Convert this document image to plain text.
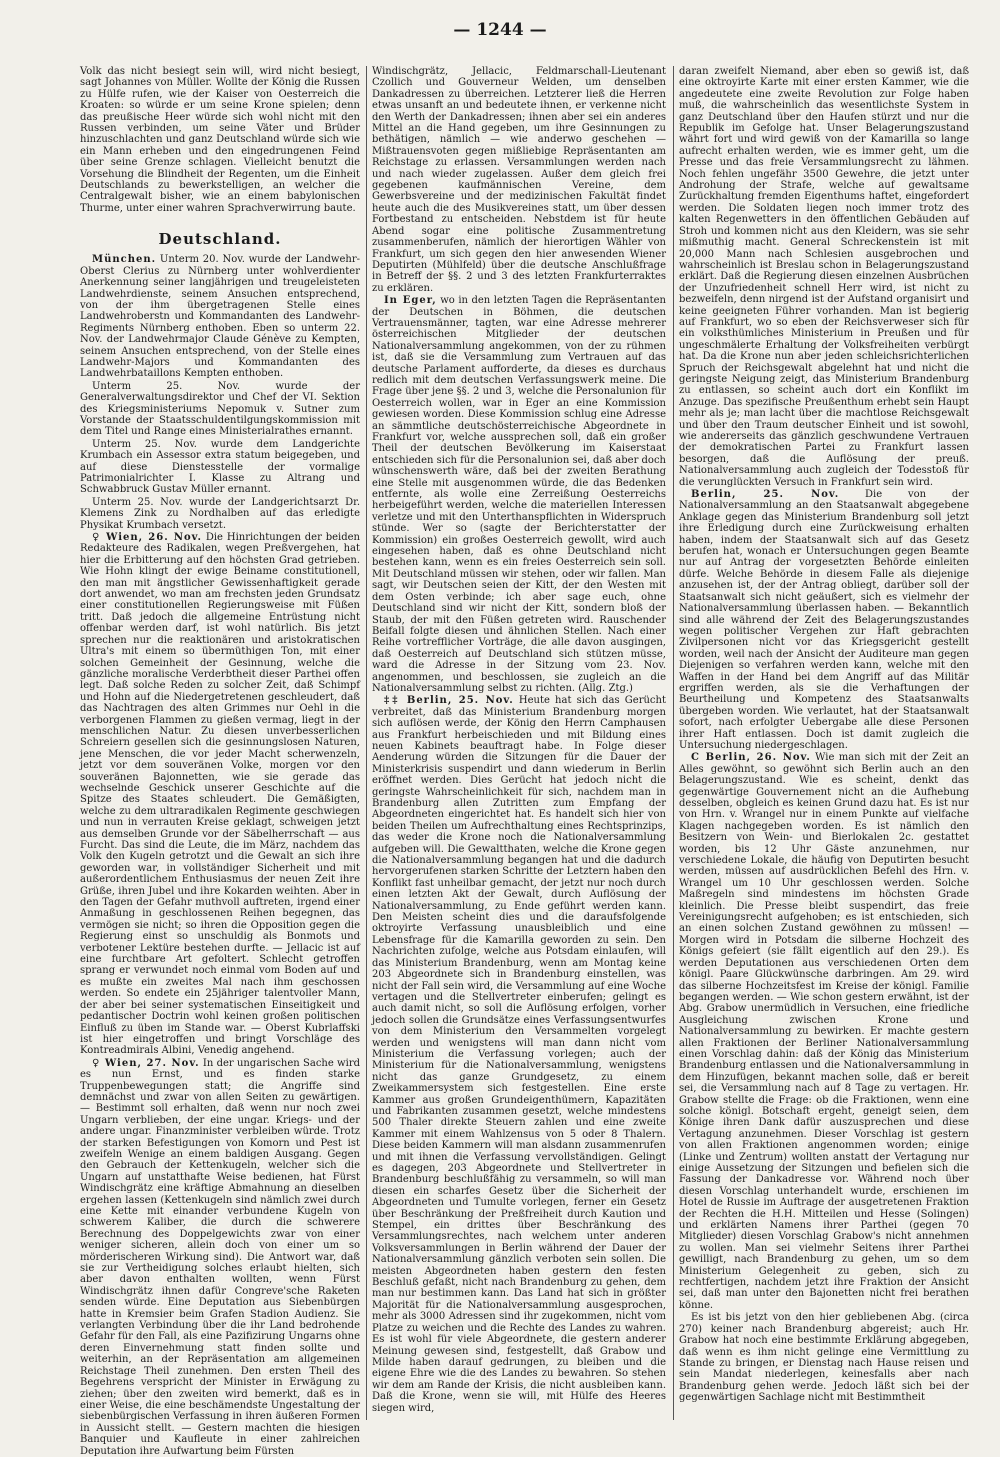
— 1244 —

Volk das nicht besiegt sein will, wird nicht besiegt, sagt Johannes von Müller. Wollte der König die Russen zu Hülfe rufen, wie der Kaiser von Oesterreich die Kroaten: so würde er um seine Krone spielen; denn das preußische Heer würde sich wohl nicht mit den Russen verbinden, um seine Väter und Brüder hinzuschlachten und ganz Deutschland würde sich wie ein Mann erheben und den eingedrungenen Feind über seine Grenze schlagen. Vielleicht benutzt die Vorsehung die Blindheit der Regenten, um die Einheit Deutschlands zu bewerkstelligen, an welcher die Centralgewalt bisher, wie an einem babylonischen Thurme, unter einer wahren Sprachverwirrung baute.

Deutschland.

München. Unterm 20. Nov. wurde der Landwehr-Oberst Clerius zu Nürnberg unter wohlverdienter Anerkennung seiner langjährigen und treugeleisteten Landwehrdienste, seinem Ansuchen entsprechend, von der ihm übergetragenen Stelle eines Landwehroberstn und Kommandanten des Landwehr-Regiments Nürnberg enthoben. Eben so unterm 22. Nov. der Landwehrmajor Claude Génève zu Kempten, seinem Ansuchen entsprechend, von der Stelle eines Landwehr-Majors und Kommandanten des Landwehrbataillons Kempten enthoben.

Unterm 25. Nov. wurde der Generalverwaltungsdirektor und Chef der VI. Sektion des Kriegsministeriums Nepomuk v. Sutner zum Vorstande der Staatsschuldentilgungskommission mit dem Titel und Range eines Ministerialrathes ernannt.

Unterm 25. Nov. wurde dem Landgerichte Krumbach ein Assessor extra statum beigegeben, und auf diese Dienstesstelle der vormalige Patrimonialrichter I. Klasse zu Altrang und Schwabbruck Gustav Müller ernannt.

Unterm 25. Nov. wurde der Landgerichtsarzt Dr. Klemens Zink zu Nordhalben auf das erledigte Physikat Krumbach versetzt.

♀ Wien, 26. Nov. Die Hinrichtungen der beiden Redakteure des Radikalen, wegen Preßvergehen, hat hier die Erbitterung auf den höchsten Grad getrieben. Wie Hohn klingt der ewige Beiname constitutionell, den man mit ängstlicher Gewissenhaftigkeit gerade dort anwendet, wo man am frechsten jeden Grundsatz einer constitutionellen Regierungsweise mit Füßen tritt. Daß jedoch die allgemeine Entrüstung nicht offenbar werden darf, ist wohl natürlich. Bis jetzt sprechen nur die reaktionären und aristokratischen Ultra's mit einem so übermüthigen Ton, mit einer solchen Gemeinheit der Gesinnung, welche die gänzliche moralische Verderbtheit dieser Parthei offen legt. Daß solche Reden zu solcher Zeit, daß Schimpf und Hohn auf die Niedergetretenen geschleudert, daß das Nachtragen des alten Grimmes nur Oehl in die verborgenen Flammen zu gießen vermag, liegt in der menschlichen Natur. Zu diesen unverbesserlichen Schreiern gesellen sich die gesinnungslosen Naturen, jene Menschen, die vor jeder Macht scherwenzeln, jetzt vor dem souveränen Volke, morgen vor den souveränen Bajonnetten, wie sie gerade das wechselnde Geschick unserer Geschichte auf die Spitze des Staates schleudert. Die Gemäßigten, welche zu dem ultraradikalen Regimente geschwiegen und nun in verrauten Kreise geklagt, schweigen jetzt aus demselben Grunde vor der Säbelherrschaft — aus Furcht. Das sind die Leute, die im März, nachdem das Volk den Kugeln getrotzt und die Gewalt an sich ihre geworden war, in vollständiger Sicherheit und mit außerordentlichem Enthusiasmus der neuen Zeit ihre Grüße, ihren Jubel und ihre Kokarden weihten. Aber in den Tagen der Gefahr muthvoll auftreten, irgend einer Anmaßung in geschlossenen Reihen begegnen, das vermögen sie nicht; so ihren die Opposition gegen die Regierung einst so unschuldig als Bonmots und verbotener Lektüre bestehen durfte. — Jellacic ist auf eine furchtbare Art gefoltert. Schlecht getroffen sprang er verwundet noch einmal vom Boden auf und es mußte ein zweites Mal nach ihm geschossen werden. So endete ein 25jähriger talentvoller Mann, der aber bei seiner systematischen Einseitigkeit und pedantischer Doctrin wohl keinen großen politischen Einfluß zu üben im Stande war. — Oberst Kubrlaffski ist hier eingetroffen und bringt Vorschläge des Kontreadmirals Albini, Venedig angehend.

♀ Wien, 27. Nov. In der ungarischen Sache wird es nun Ernst, und es finden starke Truppenbewegungen statt; die Angriffe sind demnächst und zwar von allen Seiten zu gewärtigen. — Bestimmt soll erhalten, daß wenn nur noch zwei Ungarn verblieben, der eine ungar. Kriegs- und der andere ungar. Finanzminister verbleiben würde. Trotz der starken Befestigungen von Komorn und Pest ist zweifeln Wenige an einem baldigen Ausgang. Gegen den Gebrauch der Kettenkugeln, welcher sich die Ungarn auf unstatthafte Weise bedienen, hat Fürst Windischgrätz eine kräftige Abmahnung an dieselben ergehen lassen (Kettenkugeln sind nämlich zwei durch eine Kette mit einander verbundene Kugeln von schwerem Kaliber, die durch die schwerere Berechnung des Doppelgewichts zwar von einer weniger sicheren, allein doch von einer um so mörderischeren Wirkung sind). Die Antwort war, daß sie zur Vertheidigung solches erlaubt hielten, sich aber davon enthalten wollten, wenn Fürst Windischgrätz ihnen dafür Congreve'sche Raketen senden würde. Eine Deputation aus Siebenbürgen hatte in Kremsier beim Grafen Stadion Audienz. Sie verlangten Verbindung über die ihr Land bedrohende Gefahr für den Fall, als eine Pazifizirung Ungarns ohne deren Einvernehmung statt finden sollte und weiterhin, an der Repräsentation am allgemeinen Reichstage Theil zunehmen. Den ersten Theil des Begehrens verspricht der Minister in Erwägung zu ziehen; über den zweiten wird bemerkt, daß es in einer Weise, die eine beschämendste Ungestaltung der siebenbürgischen Verfassung in ihren äußeren Formen in Aussicht stellt. — Gestern machten die hiesigen Banquier und Kaufleute in einer zahlreichen Deputation ihre Aufwartung beim Fürsten

Windischgrätz, Jellacic, Feldmarschall-Lieutenant Czollich und Gouverneur Welden, um denselben Dankadressen zu überreichen. Letzterer ließ die Herren etwas unsanft an und bedeutete ihnen, er verkenne nicht den Werth der Dankadressen; ihnen aber sei ein anderes Mittel an die Hand gegeben, um ihre Gesinnungen zu bethätigen, nämlich — wie anderwo geschehen — Mißtrauensvoten gegen mißliebige Repräsentanten am Reichstage zu erlassen. Versammlungen werden nach und nach wieder zugelassen. Außer dem gleich frei gegebenen kaufmännischen Vereine, dem Gewerbsvereine und der medizinischen Fakultät findet heute auch die des Musikvereines statt, um über dessen Fortbestand zu entscheiden. Nebstdem ist für heute Abend sogar eine politische Zusammentretung zusammenberufen, nämlich der hierortigen Wähler von Frankfurt, um sich gegen den hier anwesenden Wiener Deputirten (Mühlfeld) über die deutsche Anschlußfrage in Betreff der §§. 2 und 3 des letzten Frankfurterraktes zu erklären.

In Eger, wo in den letzten Tagen die Repräsentanten der Deutschen in Böhmen, die deutschen Vertrauensmänner, tagten, war eine Adresse mehrerer österreichischen Mitglieder der deutschen Nationalversammlung angekommen, von der zu rühmen ist, daß sie die Versammlung zum Vertrauen auf das deutsche Parlament aufforderte, da dieses es durchaus redlich mit dem deutschen Verfassungswerk meine. Die Frage über jene §§. 2 und 3, welche die Personalunion für Oesterreich wollen, war in Eger an eine Kommission gewiesen worden. Diese Kommission schlug eine Adresse an sämmtliche deutschösterreichische Abgeordnete in Frankfurt vor, welche aussprechen soll, daß ein großer Theil der deutschen Bevölkerung im Kaiserstaat entschieden sich für die Personalunion sei, daß aber doch wünschenswerth wäre, daß bei der zweiten Berathung eine Stelle mit ausgenommen würde, die das Bedenken entfernte, als wolle eine Zerreißung Oesterreichs herbeigeführt werden, welche die materiellen Interessen verletze und mit den Unterthanspflichten in Widerspruch stünde. Wer so (sagte der Berichterstatter der Kommission) ein großes Oesterreich gewollt, wird auch eingesehen haben, daß es ohne Deutschland nicht bestehen kann, wenn es ein freies Oesterreich sein soll. Mit Deutschland müssen wir stehen, oder wir fallen. Man sagt, wir Deutschen seien der Kitt, der den Westen mit dem Osten verbinde; ich aber sage euch, ohne Deutschland sind wir nicht der Kitt, sondern bloß der Staub, der mit den Füßen getreten wird. Rauschender Beifall folgte diesen und ähnlichen Stellen. Nach einer Reihe vortrefflicher Vorträge, die alle davon ausgingen, daß Oesterreich auf Deutschland sich stützen müsse, ward die Adresse in der Sitzung vom 23. Nov. angenommen, und beschlossen, sie zugleich an die Nationalversammlung selbst zu richten. (Allg. Ztg.)

‡‡ Berlin, 25. Nov. Heute hat sich das Gerücht verbreitet, daß das Ministerium Brandenburg morgen sich auflösen werde, der König den Herrn Camphausen aus Frankfurt herbeischieden und mit Bildung eines neuen Kabinets beauftragt habe. In Folge dieser Aenderung würden die Sitzungen für die Dauer der Ministerkrisis suspendirt und dann wiederum in Berlin eröffnet werden. Dies Gerücht hat jedoch nicht die geringste Wahrscheinlichkeit für sich, nachdem man in Brandenburg allen Zutritten zum Empfang der Abgeordneten eingerichtet hat. Es handelt sich hier von beiden Theilen um Aufrechthaltung eines Rechtsprinzips, das weder die Krone noch die Nationalversammlung aufgeben will. Die Gewaltthaten, welche die Krone gegen die Nationalversammlung begangen hat und die dadurch hervorgerufenen starken Schritte der Letztern haben den Konflikt fast unheilbar gemacht, der jetzt nur noch durch einen letzten Akt der Gewalt, durch Auflösung der Nationalversammlung, zu Ende geführt werden kann. Den Meisten scheint dies und die daraufsfolgende oktroyirte Verfassung unausbleiblich und eine Lebensfrage für die Kamarilla geworden zu sein. Den Nachrichten zufolge, welche aus Potsdam einlaufen, will das Ministerium Brandenburg, wenn am Montag keine 203 Abgeordnete sich in Brandenburg einstellen, was nicht der Fall sein wird, die Versammlung auf eine Woche vertagen und die Stellvertreter einberufen; gelingt es auch damit nicht, so soll die Auflösung erfolgen, vorher jedoch sollen die Grundsätze eines Verfassungsentwurfes von dem Ministerium den Versammelten vorgelegt werden und wenigstens will man dann nicht vom Ministerium die Verfassung vorlegen; auch der Ministerium für die Nationalversammlung, wenigstens nicht das ganze Grundgesetz, zu einem Zweikammersystem sich festgestellen. Eine erste Kammer aus großen Grundeigenthümern, Kapazitäten und Fabrikanten zusammen gesetzt, welche mindestens 500 Thaler direkte Steuern zahlen und eine zweite Kammer mit einem Wahlzensus von 5 oder 8 Thalern. Diese beiden Kammern will man alsdann zusammenrufen und mit ihnen die Verfassung vervollständigen. Gelingt es dagegen, 203 Abgeordnete und Stellvertreter in Brandenburg beschlußfähig zu versammeln, so will man diesen ein scharfes Gesetz über die Sicherheit der Abgeordneten und Tumulte vorlegen, ferner ein Gesetz über Beschränkung der Preßfreiheit durch Kaution und Stempel, ein drittes über Beschränkung des Versammlungsrechtes, nach welchem unter anderen Volksversammlungen in Berlin während der Dauer der Nationalversammlung gänzlich verboten sein sollen. Die meisten Abgeordneten haben gestern den festen Beschluß gefaßt, nicht nach Brandenburg zu gehen, dem man nur bestimmen kann. Das Land hat sich in größter Majorität für die Nationalversammlung ausgesprochen, mehr als 3000 Adressen sind ihr zugekommen, nicht vom Platze zu weichen und die Rechte des Landes zu wahren. Es ist wohl für viele Abgeordnete, die gestern anderer Meinung gewesen sind, festgestellt, daß Grabow und Milde haben darauf gedrungen, zu bleiben und die eigene Ehre wie die des Landes zu bewahren. So stehen wir dem am Rande der Krisis, die nicht ausbleiben kann. Daß die Krone, wenn sie will, mit Hülfe des Heeres siegen wird,

daran zweifelt Niemand, aber eben so gewiß ist, daß eine oktroyirte Karte mit einer ersten Kammer, wie die angedeutete eine zweite Revolution zur Folge haben muß, die wahrscheinlich das wesentlichste System in ganz Deutschland über den Haufen stürzt und nur die Republik im Gefolge hat. Unser Belagerungszustand währt fort und wird gewiß von der Kamarilla so lange aufrecht erhalten werden, wie es immer geht, um die Presse und das freie Versammlungsrecht zu lähmen. Noch fehlen ungefähr 3500 Gewehre, die jetzt unter Androhung der Strafe, welche auf gewaltsame Zurückhaltung fremden Eigenthums haftet, eingefordert werden. Die Soldaten liegen noch immer trotz des kalten Regenwetters in den öffentlichen Gebäuden auf Stroh und kommen nicht aus den Kleidern, was sie sehr mißmuthig macht. General Schreckenstein ist mit 20,000 Mann nach Schlesien ausgebrochen und wahrscheinlich ist Breslau schon in Belagerungszustand erklärt. Daß die Regierung diesen einzelnen Ausbrüchen der Unzufriedenheit schnell Herr wird, ist nicht zu bezweifeln, denn nirgend ist der Aufstand organisirt und keine geeigneten Führer vorhanden. Man ist begierig auf Frankfurt, wo so eben der Reichsverweser sich für ein volksthümliches Ministerium in Preußen und für ungeschmälerte Erhaltung der Volksfreiheiten verbürgt hat. Da die Krone nun aber jeden schleichsrichterlichen Spruch der Reichsgewalt abgelehnt hat und nicht die geringste Neigung zeigt, das Ministerium Brandenburg zu entlassen, so scheint auch dort ein Konflikt im Anzuge. Das spezifische Preußenthum erhebt sein Haupt mehr als je; man lacht über die machtlose Reichsgewalt und über den Traum deutscher Einheit und ist sowohl, wie andererseits das gänzlich geschwundene Vertrauen der demokratischen Partei zu Frankfurt lassen besorgen, daß die Auflösung der preuß. Nationalversammlung auch zugleich der Todesstoß für die verunglückten Versuch in Frankfurt sein wird.

Berlin, 25. Nov.	Die von der Nationalversammlung an den Staatsanwalt abgegebene Anklage gegen das Ministerium Brandenburg soll jetzt ihre Erledigung durch eine Zurückweisung erhalten haben, indem der Staatsanwalt sich auf das Gesetz berufen hat, wonach er Untersuchungen gegen Beamte nur auf Antrag der vorgesetzten Behörde einleiten dürfe. Welche Behörde in diesem Falle als diejenige anzusehen ist, der der Antrag obliegt, darüber soll der Staatsanwalt sich nicht geäußert, sich es vielmehr der Nationalversammlung überlassen haben. — Bekanntlich sind alle während der Zeit des Belagerungszustandes wegen politischer Vergehen zur Haft gebrachten Zivilpersonen nicht vor das Kriegsgericht gestellt worden, weil nach der Ansicht der Auditeure man gegen Diejenigen so verfahren werden kann, welche mit den Waffen in der Hand bei dem Angriff auf das Militär ergriffen werden, als sie die Verhaftungen der Beurtheilung und Kompetenz des Staatsanwalts übergeben worden. Wie verlautet, hat der Staatsanwalt sofort, nach erfolgter Uebergabe alle diese Personen ihrer Haft entlassen. Doch ist damit zugleich die Untersuchung niedergeschlagen.

C Berlin, 26. Nov. Wie man sich mit der Zeit an Alles gewöhnt, so gewöhnt sich Berlin auch an den Belagerungszustand. Wie es scheint, denkt das gegenwärtige Gouvernement nicht an die Aufhebung desselben, obgleich es keinen Grund dazu hat. Es ist nur von Hrn. v. Wrangel nur in einem Punkte auf vielfache Klagen nachgegeben worden. Es ist nämlich den Besitzern von Wein- und Bierlokalen 2c. gestattet worden, bis 12 Uhr Gäste anzunehmen, nur verschiedene Lokale, die häufig von Deputirten besucht werden, müssen auf ausdrücklichen Befehl des Hrn. v. Wrangel um 10 Uhr geschlossen werden. Solche Maßregeln sind mindestens im höchsten Grade kleinlich. Die Presse bleibt suspendirt, das freie Vereinigungsrecht aufgehoben; es ist entschieden, sich an einen solchen Zustand gewöhnen zu müssen! — Morgen wird in Potsdam die silberne Hochzeit des Königs gefeiert (sie fällt eigentlich auf den 29.). Es werden Deputationen aus verschiedenen Orten dem königl. Paare Glückwünsche darbringen. Am 29. wird das silberne Hochzeitsfest im Kreise der königl. Familie begangen werden. — Wie schon gestern erwähnt, ist der Abg. Grabow unermüdlich in Versuchen, eine friedliche Ausgleichung zwischen Krone und Nationalversammlung zu bewirken. Er machte gestern allen Fraktionen der Berliner Nationalversammlung einen Vorschlag dahin: daß der König das Ministerium Brandenburg entlassen und die Nationalversammlung in dem Hinzufügen, bekannt machen solle, daß er bereit sei, die Versammlung nach auf 8 Tage zu vertagen. Hr. Grabow stellte die Frage: ob die Fraktionen, wenn eine solche königl. Botschaft ergeht, geneigt seien, dem Könige ihren Dank dafür auszusprechen und diese Vertagung anzunehmen. Dieser Vorschlag ist gestern von allen Fraktionen angenommen worden; einige (Linke und Zentrum) wollten anstatt der Vertagung nur einige Aussetzung der Sitzungen und befielen sich die Fassung der Dankadresse vor. Während noch über diesen Vorschlag unterhandelt wurde, erschienen im Hotel de Russie im Auftrage der ausgetretenen Fraktion der Rechten die H.H. Mitteilen und Hesse (Solingen) und erklärten Namens ihrer Parthei (gegen 70 Mitglieder) diesen Vorschlag Grabow's nicht annehmen zu wollen. Man sei vielmehr Seitens ihrer Parthei gewilligt, nach Brandenburg zu gehen, um so dem Ministerium Gelegenheit zu geben, sich zu rechtfertigen, nachdem jetzt ihre Fraktion der Ansicht sei, daß man unter den Bajonetten nicht frei berathen könne.

Es ist bis jetzt von den hier gebliebenen Abg. (circa 270) keiner nach Brandenburg abgereist; auch Hr. Grabow hat noch eine bestimmte Erklärung abgegeben, daß wenn es ihm nicht gelinge eine Vermittlung zu Stande zu bringen, er Dienstag nach Hause reisen und sein Mandat niederlegen, keinesfalls aber nach Brandenburg gehen werde. Jedoch läßt sich bei der gegenwärtigen Sachlage nicht mit Bestimmtheit
